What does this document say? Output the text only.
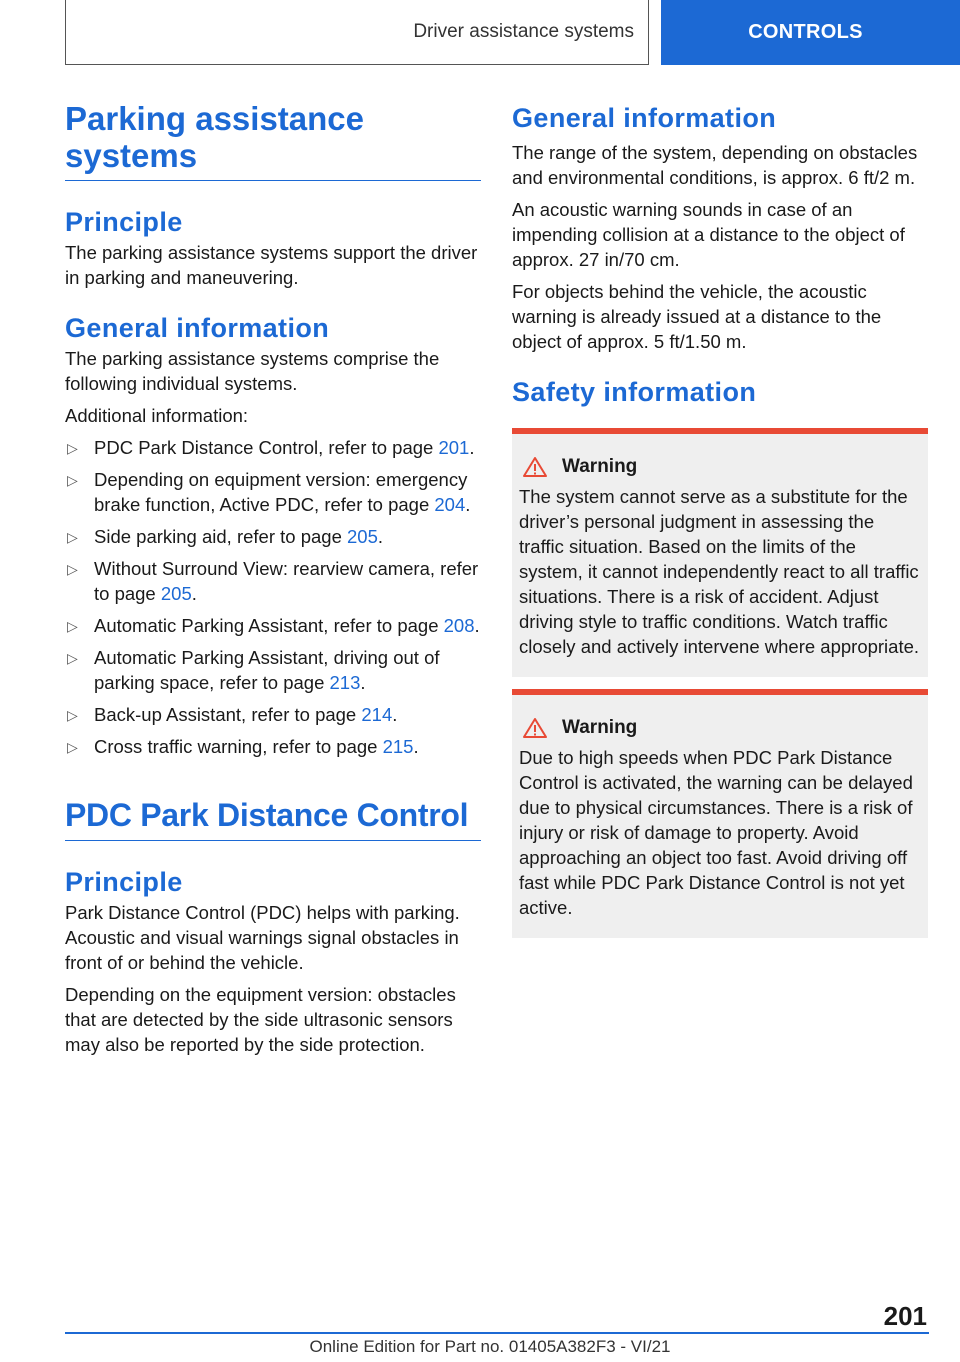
Driver assistance systems	CONTROLS
Parking assistance systems
Principle

The parking assistance systems support the driver in parking and maneuvering.

General information

The parking assistance systems comprise the following individual systems.

Additional information:

▷ PDC Park Distance Control, refer to page 201.
▷ Depending on equipment version: emergency brake function, Active PDC, refer to page 204.
▷ Side parking aid, refer to page 205.
▷ Without Surround View: rearview camera, refer to page 205.
▷ Automatic Parking Assistant, refer to page 208.
▷ Automatic Parking Assistant, driving out of parking space, refer to page 213.
▷ Back-up Assistant, refer to page 214.
▷ Cross traffic warning, refer to page 215.
PDC Park Distance Control
Principle

Park Distance Control (PDC) helps with parking. Acoustic and visual warnings signal obstacles in front of or behind the vehicle.

Depending on the equipment version: obstacles that are detected by the side ultrasonic sensors may also be reported by the side protection.

General information

The range of the system, depending on obstacles and environmental conditions, is approx. 6 ft/2 m.

An acoustic warning sounds in case of an impending collision at a distance to the object of approx. 27 in/70 cm.

For objects behind the vehicle, the acoustic warning is already issued at a distance to the object of approx. 5 ft/1.50 m.

Safety information
Warning

The system cannot serve as a substitute for the driver’s personal judgment in assessing the traffic situation. Based on the limits of the system, it cannot independently react to all traffic situations. There is a risk of accident. Adjust driving style to traffic conditions. Watch traffic closely and actively intervene where appropriate.

Warning

Due to high speeds when PDC Park Distance Control is activated, the warning can be delayed due to physical circumstances. There is a risk of injury or risk of damage to property. Avoid approaching an object too fast. Avoid driving off fast while PDC Park Distance Control is not yet active.

201
Online Edition for Part no. 01405A382F3 - VI/21
